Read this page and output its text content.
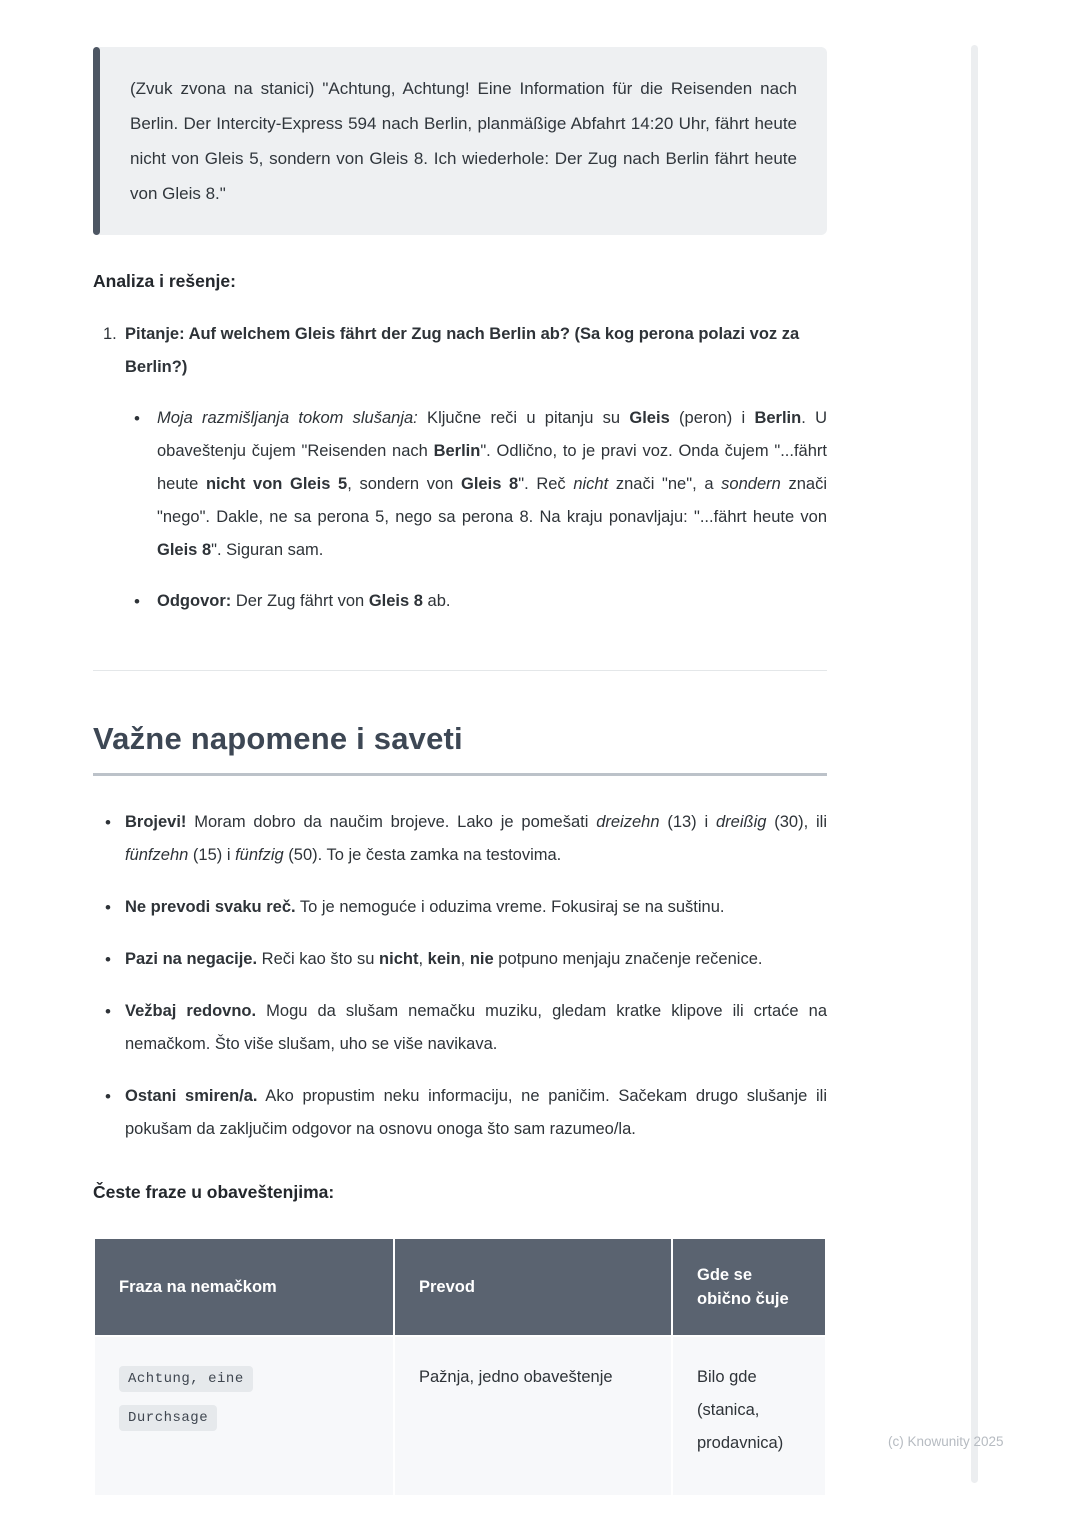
(Zvuk zvona na stanici) "Achtung, Achtung! Eine Information für die Reisenden nach Berlin. Der Intercity-Express 594 nach Berlin, planmäßige Abfahrt 14:20 Uhr, fährt heute nicht von Gleis 5, sondern von Gleis 8. Ich wiederhole: Der Zug nach Berlin fährt heute von Gleis 8."

Analiza i rešenje:
1. Pitanje: Auf welchem Gleis fährt der Zug nach Berlin ab? (Sa kog perona polazi voz za Berlin?)

•	Moja razmišljanja tokom slušanja: Ključne reči u pitanju su Gleis (peron) i Berlin. U obaveštenju čujem "Reisenden nach Berlin". Odlično, to je pravi voz. Onda čujem "...fährt heute nicht von Gleis 5, sondern von Gleis 8". Reč nicht znači "ne", a sondern znači "nego". Dakle, ne sa perona 5, nego sa perona 8. Na kraju ponavljaju: "...fährt heute von Gleis 8". Siguran sam.

•	Odgovor: Der Zug fährt von Gleis 8 ab.

Važne napomene i saveti
• Brojevi! Moram dobro da naučim brojeve. Lako je pomešati dreizehn (13) i dreißig (30), ili fünfzehn (15) i fünfzig (50). To je česta zamka na testovima.

• Ne prevodi svaku reč. To je nemoguće i oduzima vreme. Fokusiraj se na suštinu.

• Pazi na negacije. Reči kao što su nicht, kein, nie potpuno menjaju značenje rečenice.

• Vežbaj redovno. Mogu da slušam nemačku muziku, gledam kratke klipove ili crtaće na nemačkom. Što više slušam, uho se više navikava.

• Ostani smiren/a. Ako propustim neku informaciju, ne paničim. Sačekam drugo slušanje ili pokušam da zaključim odgovor na osnovu onoga što sam razumeo/la.

Česte fraze u obaveštenjima:
Fraza na nemačkom	Prevod	Gde se obično čuje

Achtung, eine
Durchsage	Pažnja, jedno obaveštenje	Bilo gde (stanica, prodavnica)	(c) Knowunity 2025
